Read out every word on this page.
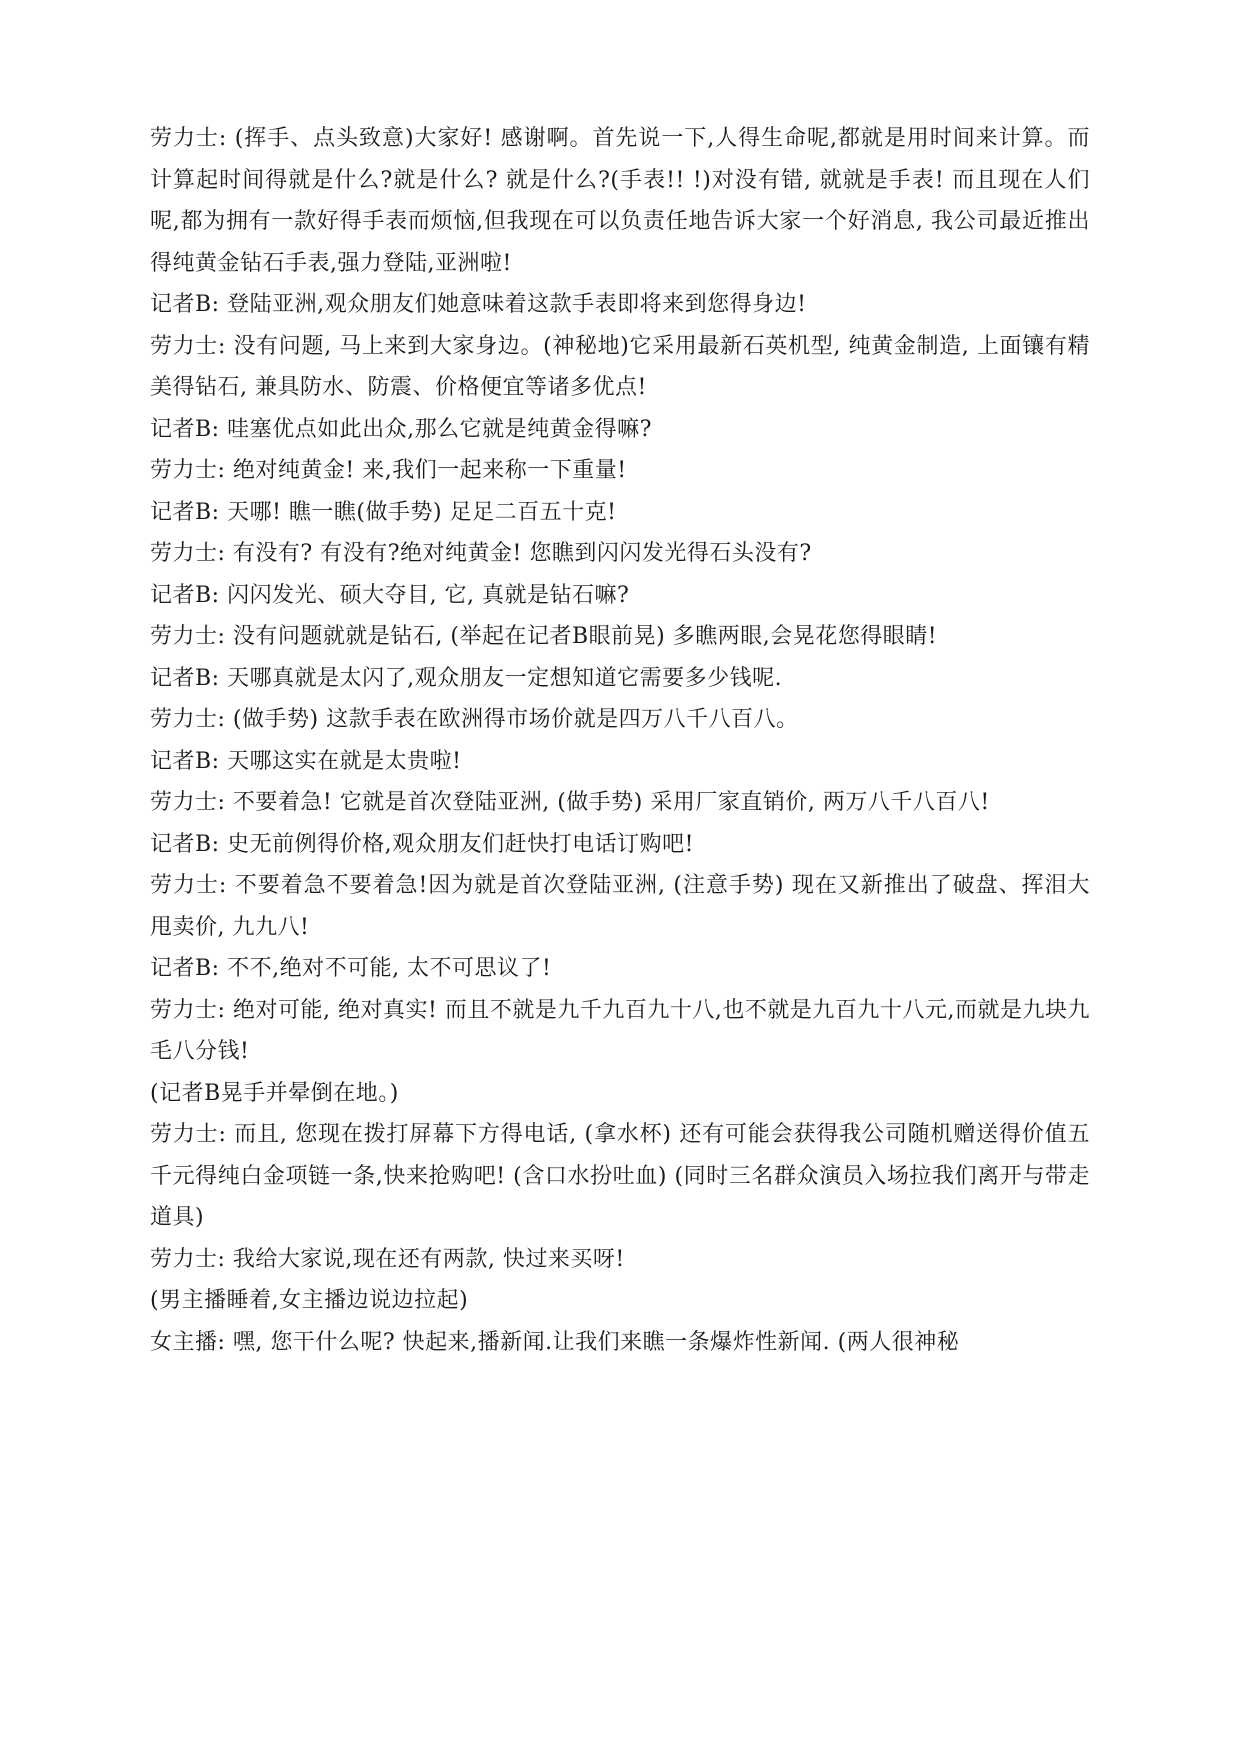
劳力士: (挥手、点头致意)大家好! 感谢啊。首先说一下,人得生命呢,都就是用时间来计算。而计算起时间得就是什么?就是什么? 就是什么?(手表!! !)对没有错, 就就是手表! 而且现在人们呢,都为拥有一款好得手表而烦恼,但我现在可以负责任地告诉大家一个好消息, 我公司最近推出得纯黄金钻石手表,强力登陆,亚洲啦!

记者B: 登陆亚洲,观众朋友们她意味着这款手表即将来到您得身边!

劳力士: 没有问题, 马上来到大家身边。(神秘地)它采用最新石英机型, 纯黄金制造, 上面镶有精美得钻石, 兼具防水、防震、价格便宜等诸多优点!

记者B: 哇塞优点如此出众,那么它就是纯黄金得嘛?

劳力士: 绝对纯黄金! 来,我们一起来称一下重量!

记者B: 天哪! 瞧一瞧(做手势) 足足二百五十克!

劳力士: 有没有? 有没有?绝对纯黄金! 您瞧到闪闪发光得石头没有?

记者B: 闪闪发光、硕大夺目, 它, 真就是钻石嘛?

劳力士: 没有问题就就是钻石, (举起在记者B眼前晃) 多瞧两眼,会晃花您得眼睛!

记者B: 天哪真就是太闪了,观众朋友一定想知道它需要多少钱呢.

劳力士: (做手势) 这款手表在欧洲得市场价就是四万八千八百八。

记者B: 天哪这实在就是太贵啦!

劳力士: 不要着急! 它就是首次登陆亚洲, (做手势) 采用厂家直销价, 两万八千八百八!

记者B: 史无前例得价格,观众朋友们赶快打电话订购吧!

劳力士: 不要着急不要着急!因为就是首次登陆亚洲, (注意手势) 现在又新推出了破盘、挥泪大甩卖价, 九九八!

记者B: 不不,绝对不可能, 太不可思议了!

劳力士: 绝对可能, 绝对真实! 而且不就是九千九百九十八,也不就是九百九十八元,而就是九块九毛八分钱!

(记者B晃手并晕倒在地。)

劳力士: 而且, 您现在拨打屏幕下方得电话, (拿水杯) 还有可能会获得我公司随机赠送得价值五千元得纯白金项链一条,快来抢购吧! (含口水扮吐血) (同时三名群众演员入场拉我们离开与带走道具)

劳力士: 我给大家说,现在还有两款, 快过来买呀!

(男主播睡着,女主播边说边拉起)

女主播: 嘿, 您干什么呢? 快起来,播新闻.让我们来瞧一条爆炸性新闻. (两人很神秘
